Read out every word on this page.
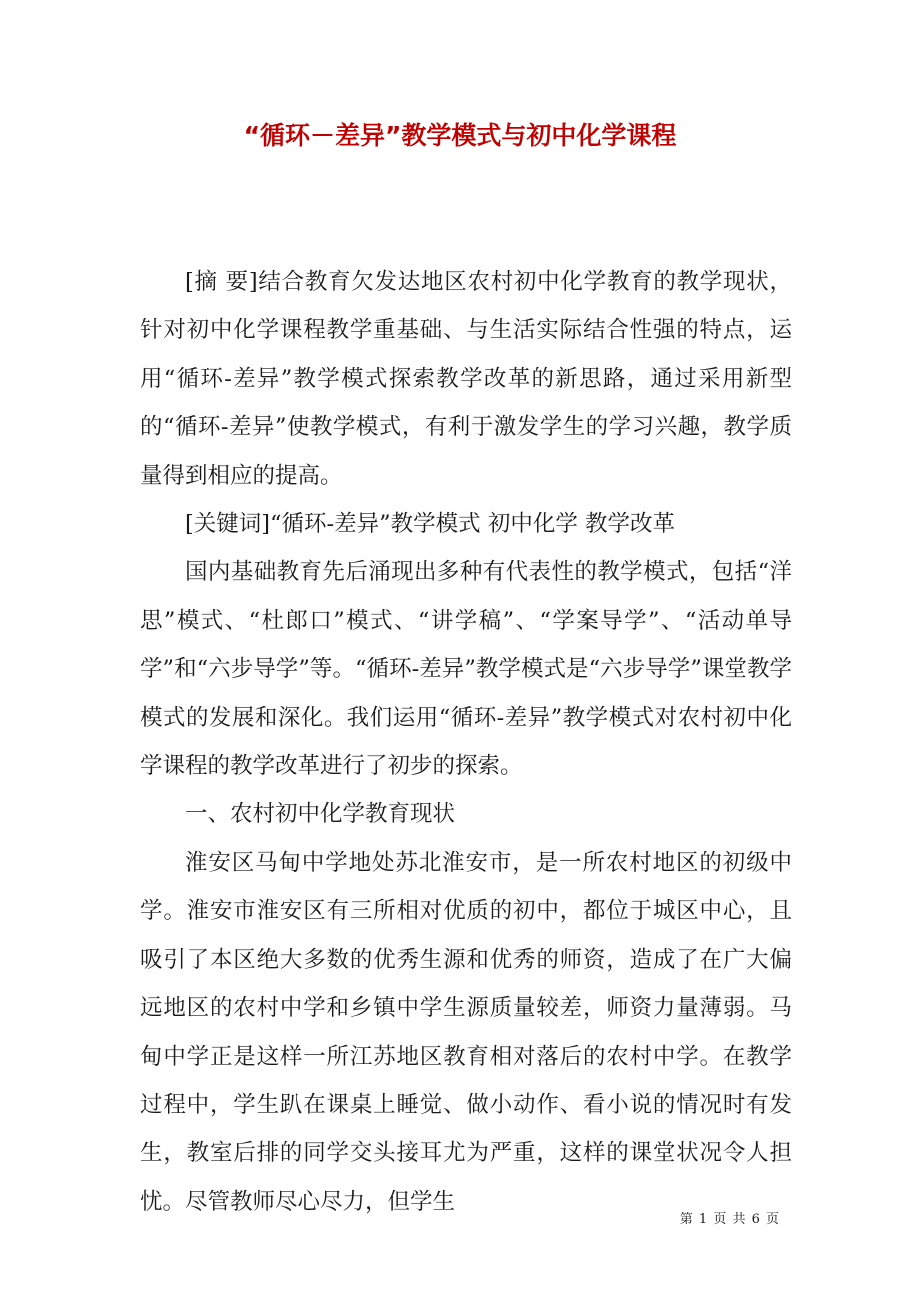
“循环－差异”教学模式与初中化学课程

[摘 要]结合教育欠发达地区农村初中化学教育的教学现状，针对初中化学课程教学重基础、与生活实际结合性强的特点，运用“循环-差异”教学模式探索教学改革的新思路，通过采用新型的“循环-差异”使教学模式，有利于激发学生的学习兴趣，教学质量得到相应的提高。

[关键词]“循环-差异”教学模式 初中化学 教学改革

国内基础教育先后涌现出多种有代表性的教学模式，包括“洋思”模式、“杜郎口”模式、“讲学稿”、“学案导学”、“活动单导学”和“六步导学”等。“循环-差异”教学模式是“六步导学”课堂教学模式的发展和深化。我们运用“循环-差异”教学模式对农村初中化学课程的教学改革进行了初步的探索。

一、农村初中化学教育现状

淮安区马甸中学地处苏北淮安市，是一所农村地区的初级中学。淮安市淮安区有三所相对优质的初中，都位于城区中心，且吸引了本区绝大多数的优秀生源和优秀的师资，造成了在广大偏远地区的农村中学和乡镇中学生源质量较差，师资力量薄弱。马甸中学正是这样一所江苏地区教育相对落后的农村中学。在教学过程中，学生趴在课桌上睡觉、做小动作、看小说的情况时有发生，教室后排的同学交头接耳尤为严重，这样的课堂状况令人担忧。尽管教师尽心尽力，但学生

第 1 页 共 6 页
